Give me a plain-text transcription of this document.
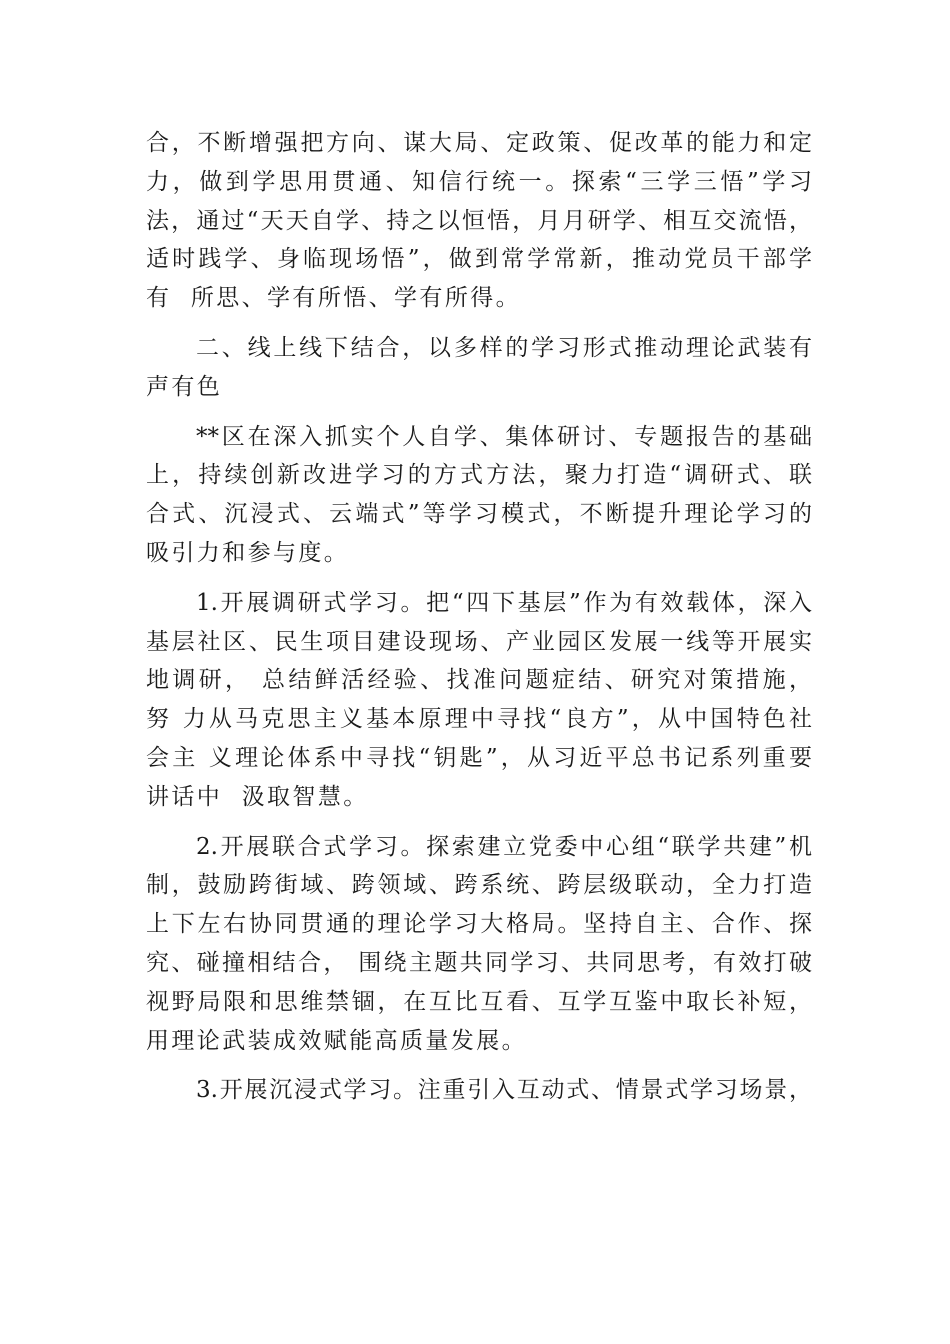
合，不断增强把方向、谋大局、定政策、促改革的能力和定
力，做到学思用贯通、知信行统一。探索“三学三悟”学习
法，通过“天天自学、持之以恒悟，月月研学、相互交流悟，
适时践学、身临现场悟”，做到常学常新，推动党员干部学
有  所思、学有所悟、学有所得。
二、线上线下结合，以多样的学习形式推动理论武装有
声有色
**区在深入抓实个人自学、集体研讨、专题报告的基础
上，持续创新改进学习的方式方法，聚力打造“调研式、联
合式、沉浸式、云端式”等学习模式，不断提升理论学习的
吸引力和参与度。
1.开展调研式学习。把“四下基层”作为有效载体，深入
基层社区、民生项目建设现场、产业园区发展一线等开展实
地调研， 总结鲜活经验、找准问题症结、研究对策措施，
努 力从马克思主义基本原理中寻找“良方”，从中国特色社
会主 义理论体系中寻找“钥匙”，从习近平总书记系列重要
讲话中  汲取智慧。
2.开展联合式学习。探索建立党委中心组“联学共建”机
制，鼓励跨街域、跨领域、跨系统、跨层级联动，全力打造
上下左右协同贯通的理论学习大格局。坚持自主、合作、探
究、碰撞相结合， 围绕主题共同学习、共同思考，有效打破
视野局限和思维禁锢，在互比互看、互学互鉴中取长补短，
用理论武装成效赋能高质量发展。
3.开展沉浸式学习。注重引入互动式、情景式学习场景，
